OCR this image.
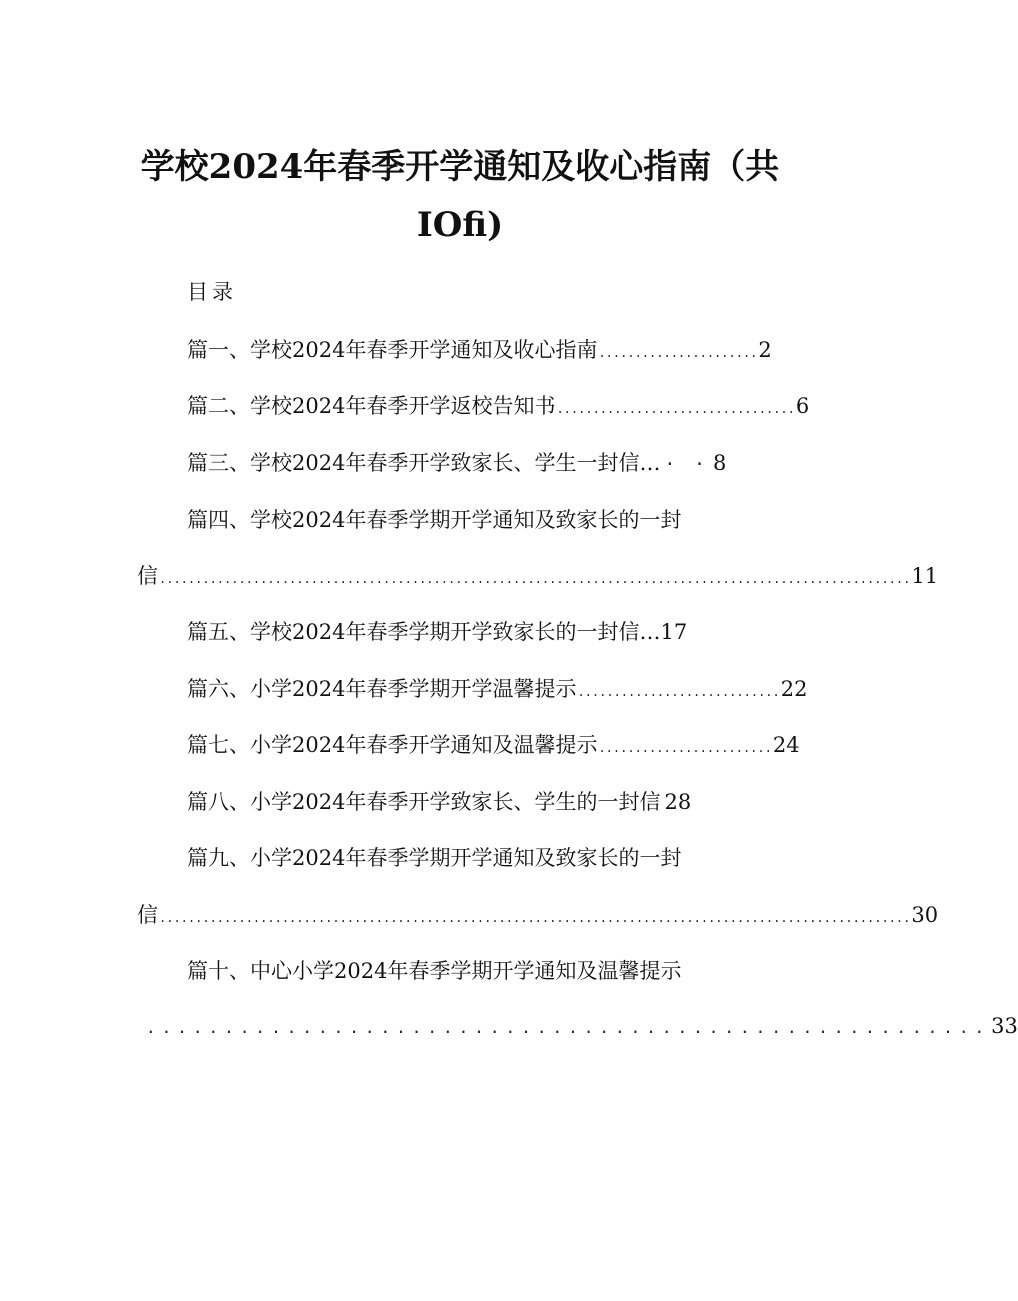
学校2024年春季开学通知及收心指南（共
IOfi)
目录
篇一、学校2024年春季开学通知及收心指南 ...................... 2
篇二、学校2024年春季开学返校告知书 ................................. 6
篇三、学校2024年春季开学致家长、学生一封信… · · 8
篇四、学校2024年春季学期开学通知及致家长的一封
信 ........................................................................................................ 11
篇五、学校2024年春季学期开学致家长的一封信… 17
篇六、小学2024年春季学期开学温馨提示 ............................ 22
篇七、小学2024年春季开学通知及温馨提示 ........................ 24
篇八、小学2024年春季开学致家长、学生的一封信 28
篇九、小学2024年春季学期开学通知及致家长的一封
信 ........................................................................................................ 30
篇十、中心小学2024年春季学期开学通知及温馨提示
...................................................... 33
